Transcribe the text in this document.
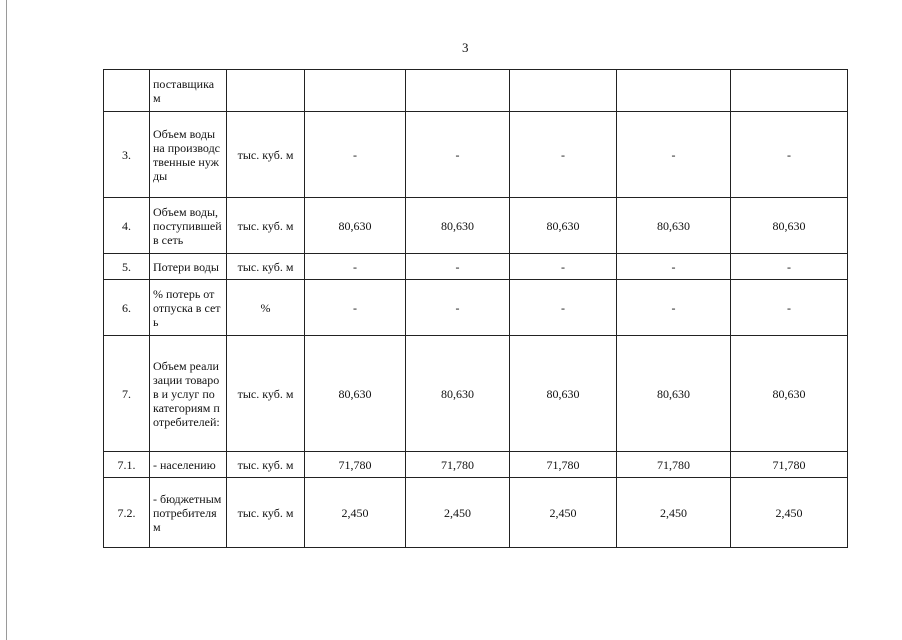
3
	поставщика м						
3.	Объем воды на производственные нужды	тыс. куб. м	-	-	-	-	-
4.	Объем воды, поступившей в сеть	тыс. куб. м	80,630	80,630	80,630	80,630	80,630
5.	Потери воды	тыс. куб. м	-	-	-	-	-
6.	% потерь от отпуска в сеть	%	-	-	-	-	-
7.	Объем реализации товаров и услуг по категориям потребителей:	тыс. куб. м	80,630	80,630	80,630	80,630	80,630
7.1.	- населению	тыс. куб. м	71,780	71,780	71,780	71,780	71,780
7.2.	- бюджетным потребителям	тыс. куб. м	2,450	2,450	2,450	2,450	2,450
